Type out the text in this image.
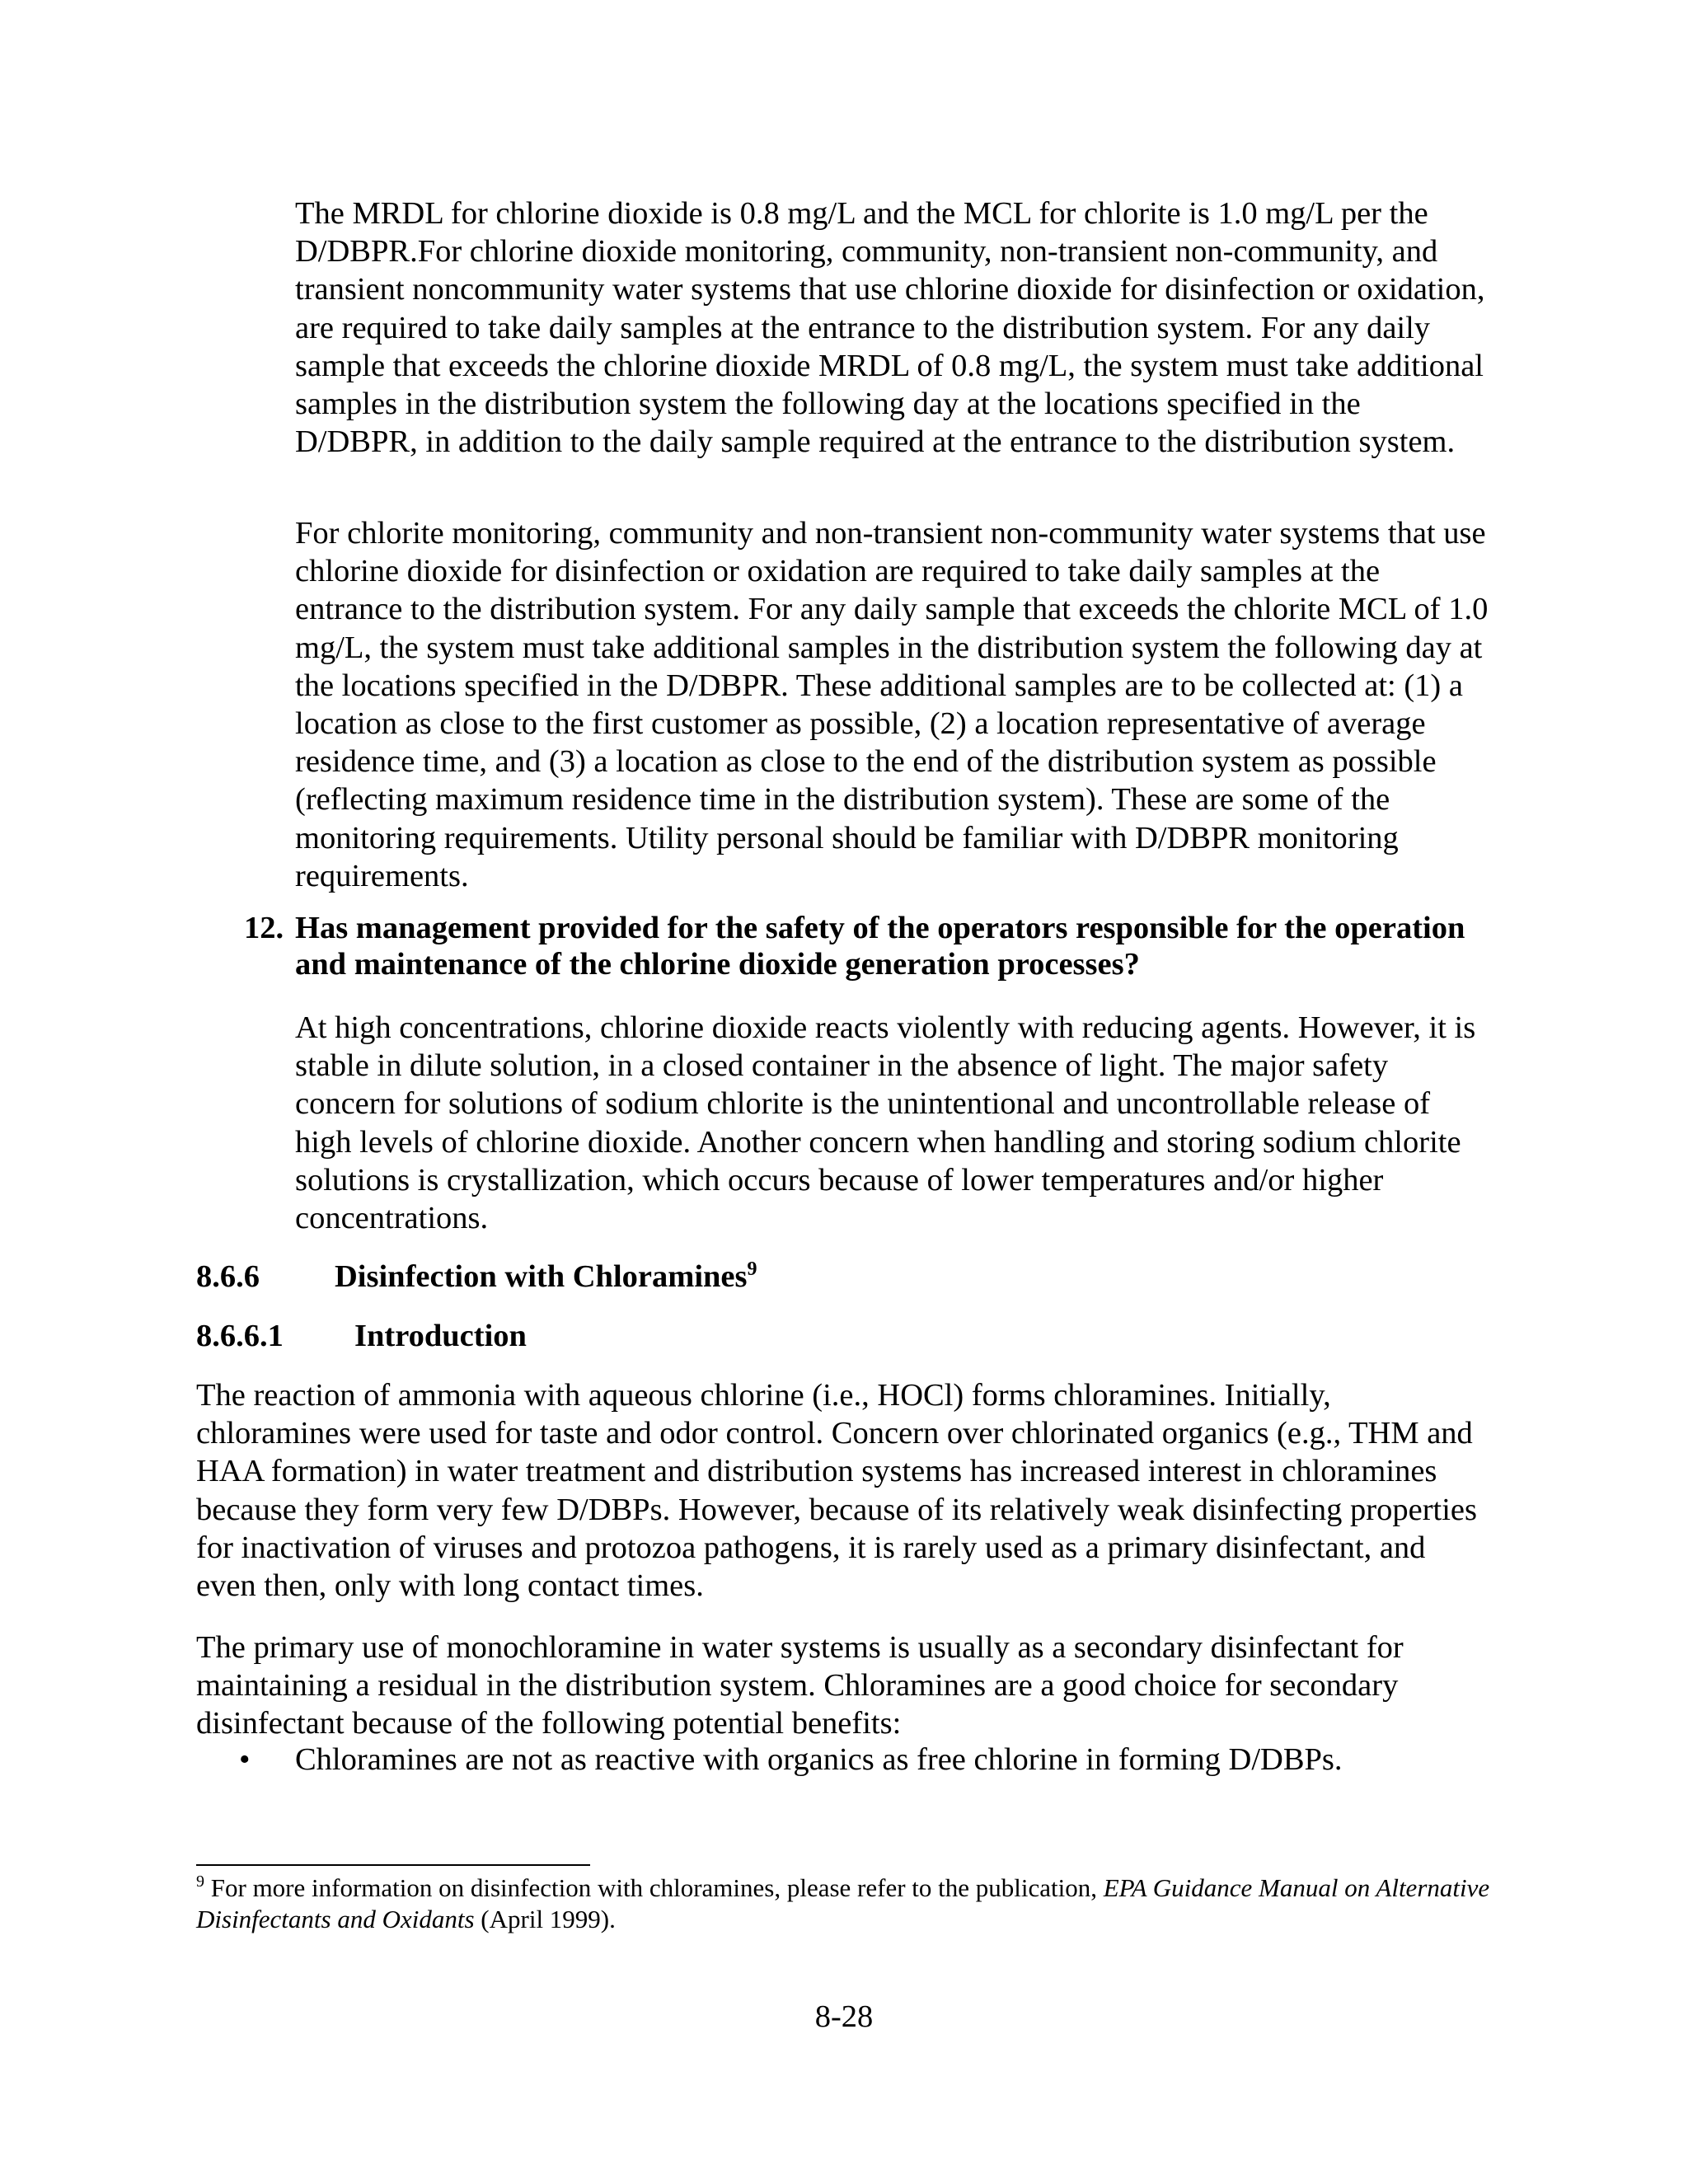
The MRDL for chlorine dioxide is 0.8 mg/L and the MCL for chlorite is 1.0 mg/L per the D/DBPR.For chlorine dioxide monitoring, community, non-transient non-community, and transient noncommunity water systems that use chlorine dioxide for disinfection or oxidation, are required to take daily samples at the entrance to the distribution system. For any daily sample that exceeds the chlorine dioxide MRDL of 0.8 mg/L, the system must take additional samples in the distribution system the following day at the locations specified in the D/DBPR, in addition to the daily sample required at the entrance to the distribution system.

For chlorite monitoring, community and non-transient non-community water systems that use chlorine dioxide for disinfection or oxidation are required to take daily samples at the entrance to the distribution system. For any daily sample that exceeds the chlorite MCL of 1.0 mg/L, the system must take additional samples in the distribution system the following day at the locations specified in the D/DBPR. These additional samples are to be collected at: (1) a location as close to the first customer as possible, (2) a location representative of average residence time, and (3) a location as close to the end of the distribution system as possible (reflecting maximum residence time in the distribution system). These are some of the monitoring requirements. Utility personal should be familiar with D/DBPR monitoring requirements.

12. Has management provided for the safety of the operators responsible for the operation and maintenance of the chlorine dioxide generation processes?

At high concentrations, chlorine dioxide reacts violently with reducing agents. However, it is stable in dilute solution, in a closed container in the absence of light. The major safety concern for solutions of sodium chlorite is the unintentional and uncontrollable release of high levels of chlorine dioxide. Another concern when handling and storing sodium chlorite solutions is crystallization, which occurs because of lower temperatures and/or higher concentrations.

8.6.6 Disinfection with Chloramines$^9$
8.6.6.1 Introduction

The reaction of ammonia with aqueous chlorine (i.e., HOCl) forms chloramines. Initially, chloramines were used for taste and odor control. Concern over chlorinated organics (e.g., THM and HAA formation) in water treatment and distribution systems has increased interest in chloramines because they form very few D/DBPs. However, because of its relatively weak disinfecting properties for inactivation of viruses and protozoa pathogens, it is rarely used as a primary disinfectant, and even then, only with long contact times.

The primary use of monochloramine in water systems is usually as a secondary disinfectant for maintaining a residual in the distribution system. Chloramines are a good choice for secondary disinfectant because of the following potential benefits:

• Chloramines are not as reactive with organics as free chlorine in forming D/DBPs.
$^9$ For more information on disinfection with chloramines, please refer to the publication, EPA Guidance Manual on Alternative Disinfectants and Oxidants (April 1999).
8-28
